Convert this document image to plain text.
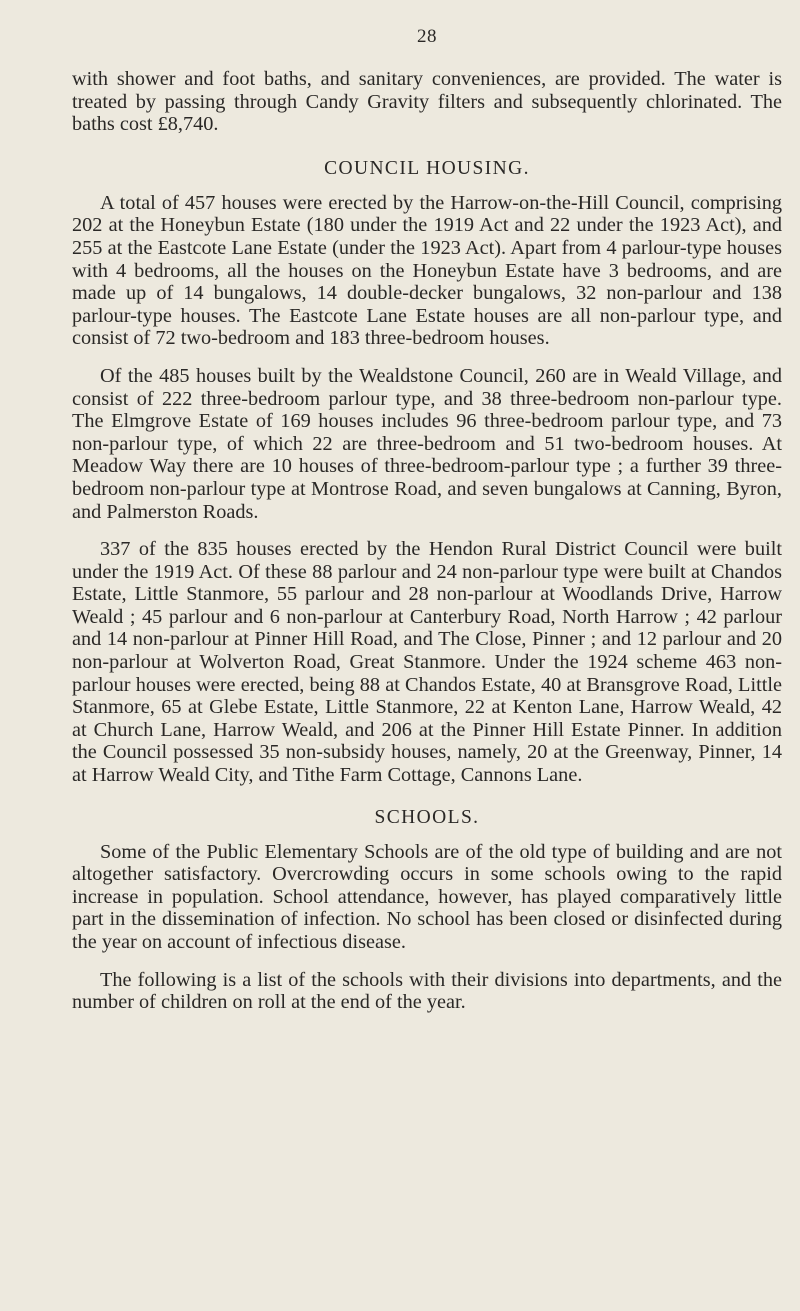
28

with shower and foot baths, and sanitary conveniences, are provided. The water is treated by passing through Candy Gravity filters and subsequently chlorinated. The baths cost £8,740.

COUNCIL HOUSING.

A total of 457 houses were erected by the Harrow-on-the-Hill Council, comprising 202 at the Honeybun Estate (180 under the 1919 Act and 22 under the 1923 Act), and 255 at the Eastcote Lane Estate (under the 1923 Act). Apart from 4 parlour-type houses with 4 bedrooms, all the houses on the Honeybun Estate have 3 bedrooms, and are made up of 14 bungalows, 14 double-decker bungalows, 32 non-parlour and 138 parlour-type houses. The Eastcote Lane Estate houses are all non-parlour type, and consist of 72 two-bedroom and 183 three-bedroom houses.

Of the 485 houses built by the Wealdstone Council, 260 are in Weald Village, and consist of 222 three-bedroom parlour type, and 38 three-bedroom non-parlour type. The Elmgrove Estate of 169 houses includes 96 three-bedroom parlour type, and 73 non-parlour type, of which 22 are three-bedroom and 51 two-bedroom houses. At Meadow Way there are 10 houses of three-bedroom-parlour type ; a further 39 three-bedroom non-parlour type at Montrose Road, and seven bungalows at Canning, Byron, and Palmerston Roads.

337 of the 835 houses erected by the Hendon Rural District Council were built under the 1919 Act. Of these 88 parlour and 24 non-parlour type were built at Chandos Estate, Little Stanmore, 55 parlour and 28 non-parlour at Woodlands Drive, Harrow Weald ; 45 parlour and 6 non-parlour at Canterbury Road, North Harrow ; 42 parlour and 14 non-parlour at Pinner Hill Road, and The Close, Pinner ; and 12 parlour and 20 non-parlour at Wolverton Road, Great Stanmore. Under the 1924 scheme 463 non-parlour houses were erected, being 88 at Chandos Estate, 40 at Bransgrove Road, Little Stanmore, 65 at Glebe Estate, Little Stanmore, 22 at Kenton Lane, Harrow Weald, 42 at Church Lane, Harrow Weald, and 206 at the Pinner Hill Estate Pinner. In addition the Council possessed 35 non-subsidy houses, namely, 20 at the Greenway, Pinner, 14 at Harrow Weald City, and Tithe Farm Cottage, Cannons Lane.

SCHOOLS.

Some of the Public Elementary Schools are of the old type of building and are not altogether satisfactory. Overcrowding occurs in some schools owing to the rapid increase in population. School attendance, however, has played comparatively little part in the dissemination of infection. No school has been closed or disinfected during the year on account of infectious disease.

The following is a list of the schools with their divisions into departments, and the number of children on roll at the end of the year.
